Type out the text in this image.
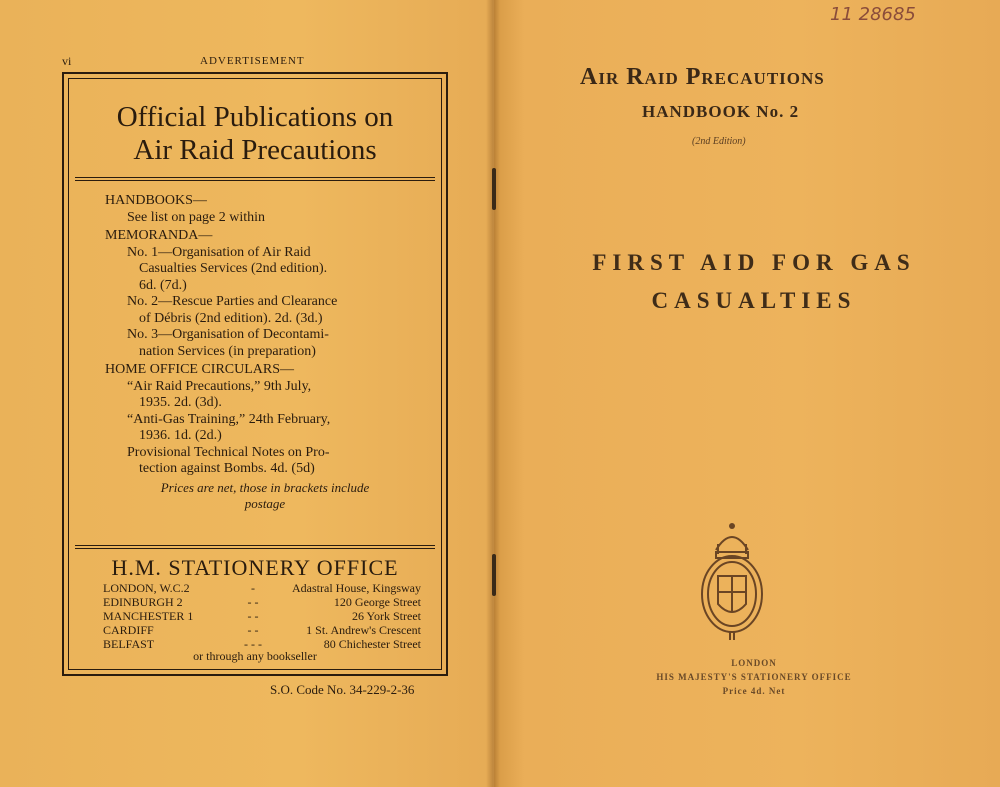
vi	ADVERTISEMENT
Official Publications on
Air Raid Precautions
HANDBOOKS—
See list on page 2 within
MEMORANDA—
No. 1—Organisation of Air Raid
Casualties Services (2nd edition).
6d. (7d.)
No. 2—Rescue Parties and Clearance
of Débris (2nd edition). 2d. (3d.)
No. 3—Organisation of Decontami-
nation Services (in preparation)
HOME OFFICE CIRCULARS—
“Air Raid Precautions,” 9th July,
1935. 2d. (3d).
“Anti-Gas Training,” 24th February,
1936. 1d. (2d.)
Provisional Technical Notes on Pro-
tection against Bombs. 4d. (5d)
Prices are net, those in brackets include
postage
H.M. STATIONERY OFFICE
LONDON, W.C.2	-	Adastral House, Kingsway
EDINBURGH 2	- -	120 George Street
MANCHESTER 1	- -	26 York Street
CARDIFF	- -	1 St. Andrew's Crescent
BELFAST	- - -	80 Chichester Street
or through any bookseller
S.O. Code No. 34-229-2-36
11 28685
Air Raid Precautions
HANDBOOK No. 2
(2nd Edition)
FIRST AID FOR GAS
CASUALTIES
LONDON
HIS MAJESTY'S STATIONERY OFFICE
Price 4d. Net
